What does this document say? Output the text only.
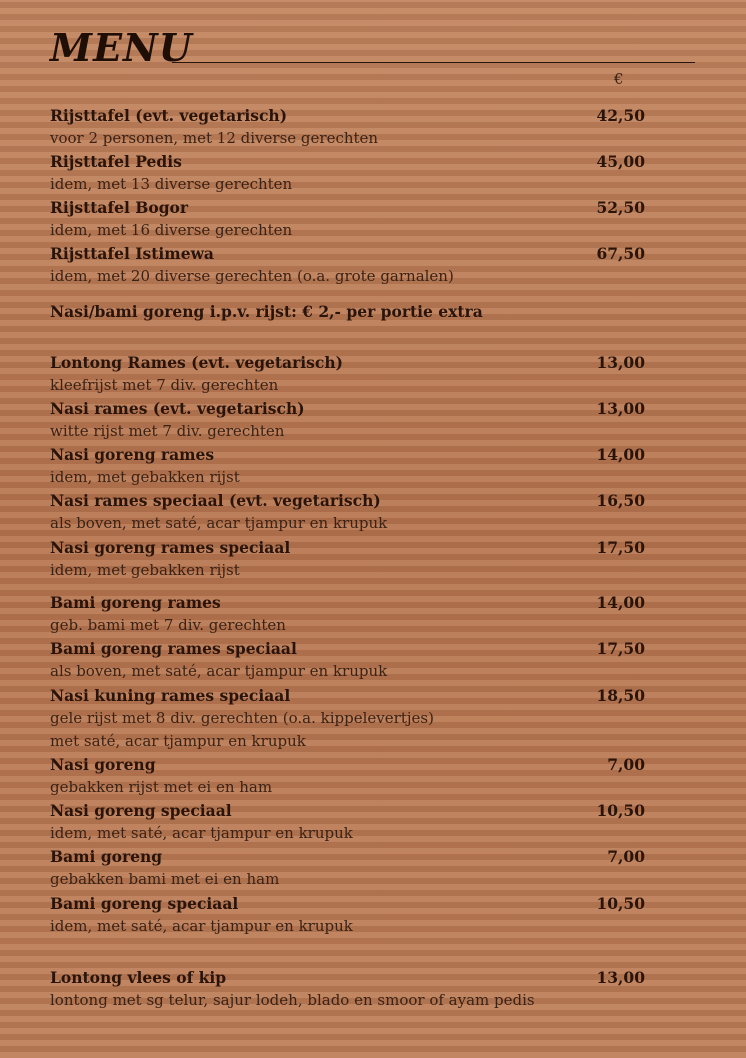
MENU
€
Nasi/bami goreng i.p.v. rijst: € 2,- per portie extra
Rijsttafel (evt. vegetarisch)	42,50
voor 2 personen, met 12 diverse gerechten
Rijsttafel Pedis	45,00
idem, met 13 diverse gerechten
Rijsttafel Bogor	52,50
idem, met 16 diverse gerechten
Rijsttafel Istimewa	67,50
idem, met 20 diverse gerechten (o.a. grote garnalen)
Lontong Rames (evt. vegetarisch)	13,00
kleefrijst met 7 div. gerechten
Nasi rames (evt. vegetarisch)	13,00
witte rijst met 7 div. gerechten
Nasi goreng rames	14,00
idem, met gebakken rijst
Nasi rames speciaal (evt. vegetarisch)	16,50
als boven, met saté, acar tjampur en krupuk
Nasi goreng rames speciaal	17,50
idem, met gebakken rijst
Bami goreng rames	14,00
geb. bami met 7 div. gerechten
Bami goreng rames speciaal	17,50
als boven, met saté, acar tjampur en krupuk
Nasi kuning rames speciaal	18,50
gele rijst met 8 div. gerechten (o.a. kippelevertjes)
met saté, acar tjampur en krupuk
Nasi goreng	7,00
gebakken rijst met ei en ham
Nasi goreng speciaal	10,50
idem, met saté, acar tjampur en krupuk
Bami goreng	7,00
gebakken bami met ei en ham
Bami goreng speciaal	10,50
idem, met saté, acar tjampur en krupuk
Lontong vlees of kip	13,00
lontong met sg telur, sajur lodeh, blado en smoor of ayam pedis
